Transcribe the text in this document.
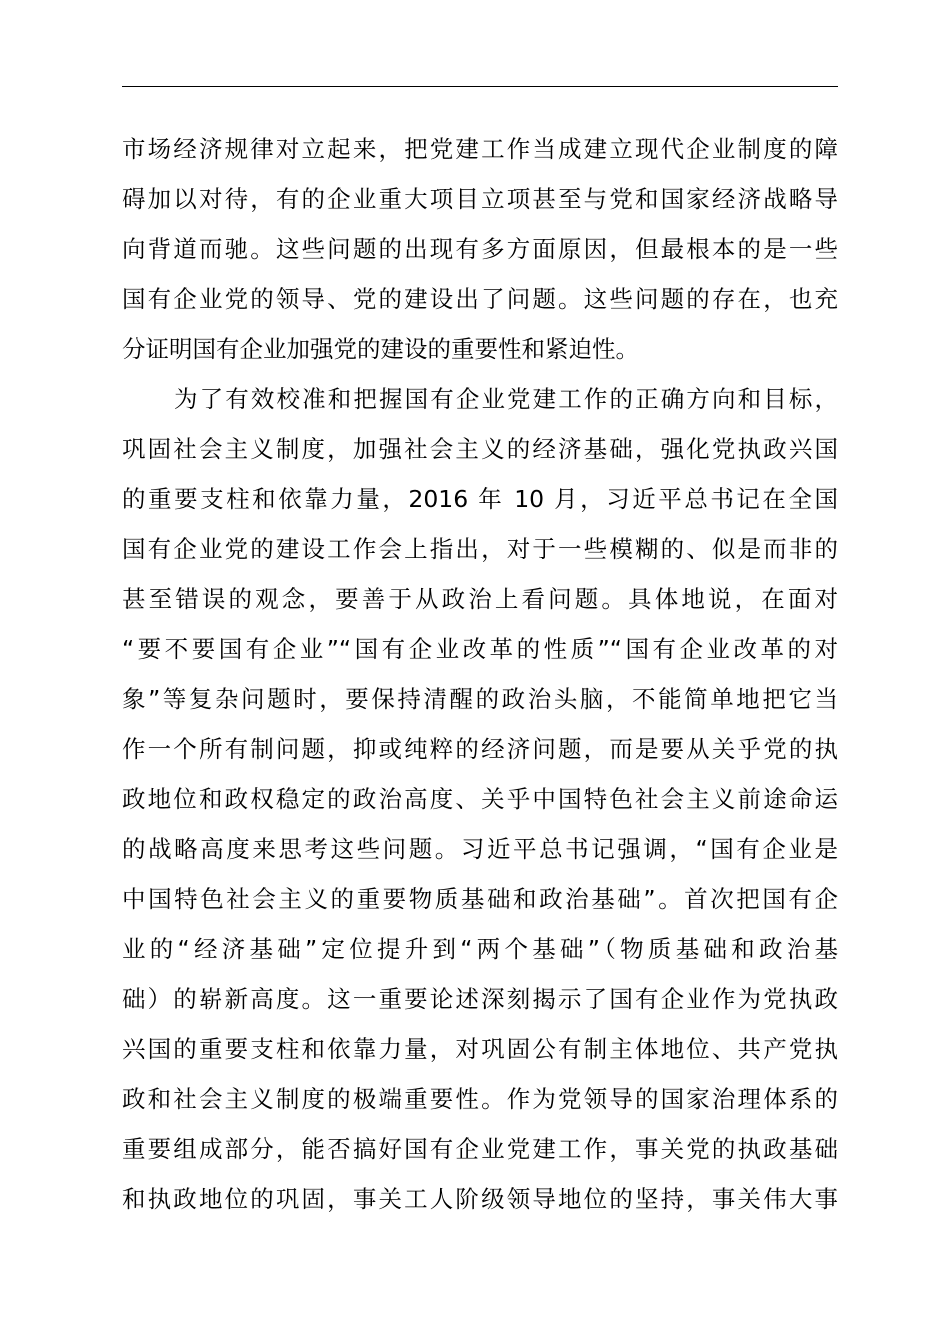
市场经济规律对立起来，把党建工作当成建立现代企业制度的障
碍加以对待，有的企业重大项目立项甚至与党和国家经济战略导
向背道而驰。这些问题的出现有多方面原因，但最根本的是一些
国有企业党的领导、党的建设出了问题。这些问题的存在，也充
分证明国有企业加强党的建设的重要性和紧迫性。
为了有效校准和把握国有企业党建工作的正确方向和目标，
巩固社会主义制度，加强社会主义的经济基础，强化党执政兴国
的重要支柱和依靠力量，2016 年 10 月，习近平总书记在全国
国有企业党的建设工作会上指出，对于一些模糊的、似是而非的
甚至错误的观念，要善于从政治上看问题。具体地说，在面对
“要不要国有企业”“国有企业改革的性质”“国有企业改革的对
象”等复杂问题时，要保持清醒的政治头脑，不能简单地把它当
作一个所有制问题，抑或纯粹的经济问题，而是要从关乎党的执
政地位和政权稳定的政治高度、关乎中国特色社会主义前途命运
的战略高度来思考这些问题。习近平总书记强调，“国有企业是
中国特色社会主义的重要物质基础和政治基础”。首次把国有企
业的“经济基础”定位提升到“两个基础”（物质基础和政治基
础）的崭新高度。这一重要论述深刻揭示了国有企业作为党执政
兴国的重要支柱和依靠力量，对巩固公有制主体地位、共产党执
政和社会主义制度的极端重要性。作为党领导的国家治理体系的
重要组成部分，能否搞好国有企业党建工作，事关党的执政基础
和执政地位的巩固，事关工人阶级领导地位的坚持，事关伟大事
